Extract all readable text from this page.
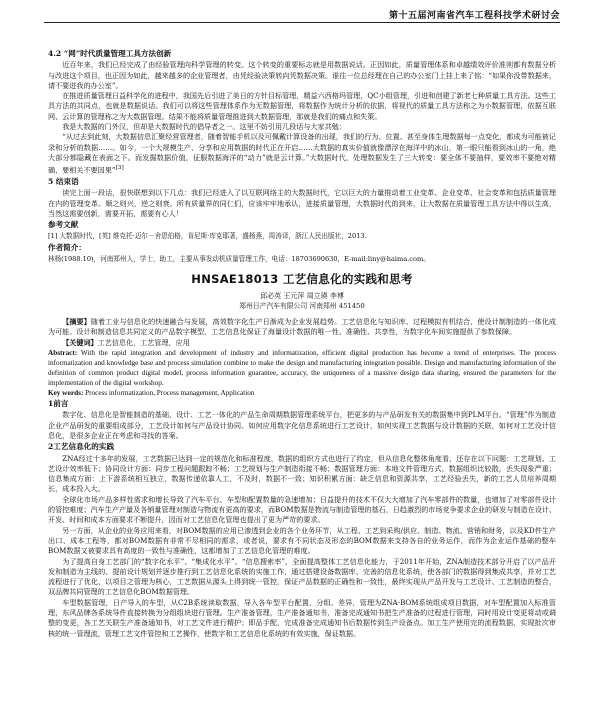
第十五届河南省汽车工程科技学术研讨会
4.2 “网”时代质量管理工具方法创新

近百年来，我们已经完成了由经验管理向科学管理的转变。这个转变的重要标志就是用数据说话。正因如此，质量管理体系和卓越绩效评价准则都有数据分析与改进这个项目，也正因为如此，越来越多的企业管理者，由凭经验决策转向凭数据决策。谁往一位总经理在自己的办公室门上挂上来了铭：“如果你没带数据来，请不要进我的办公室”。

在推进质量管理日益科学化的进程中，我国先后引进了美日的方针目标管理，精益六西格玛管理，QC小组管理，引进和创建了新老七种质量工具方法。这些工具方法的共同点，也就是数据说话。我们可以将这些管理体系作为无数据管理，将数据作为统计分析的依据，将视代的质量工具方法称之为小数据管理，依据互联网、云计算的管理称之为大数据管理。结果不能将质量管理推进到大数据管理，那就是我们的痛点和失策。

我是大数据的门外汉，但却是大数据时代的倡导者之一。这里不妨引用几段话与大家共勉：

“从过去到此刻，大数据信息汇聚经营管理者，随着智能手机以及可佩戴计算设备的出现，我们的行为、位置、甚至身体生理数据每一点变化，都成为可能被记录和分析的数据……。如今，一个大规模生产、分享和应用数据的时代正在开启……大数据的真实价值就像漂浮在海洋中的冰山，第一眼只能看到冰山的一角，绝大部分都隐藏在表面之下。而发掘数据价值，征服数据海洋的“动力”就是云计算。”大数据时代，处理数据发生了三大转变：要全体不要抽样，要效率不要绝对精确，要相关不要因果”[3]

5 结束语

读完上面一段话，很快联想到以下几点：我们已经进入了以互联网络主的大数据时代，它以巨大的力量推动着工业变革、企业变革、社会变革和包括质量管理在内的管理变革。顺之则兴，逆之则衰。所有质量界的同仁们，应该牢牢地承认，进接质量管理，大数据时代的到来，让大数据在质量管理工具方法中得以生高，当然这需要创新，需要开拓，需要有心人！

参考文献

[1] 大数据时代，[英] 维克托·迈尔－舍恩伯格，肯尼斯·库克耶著，盛杨燕，周涛译，浙江人民出版社，2013.

作者简介：

林杨(1988.10)，河南郑州人，学士，助工，主要从事发动机质量管理工作，电话：18703690630，E-mail:liny@haima.com。

HNSAE18013 工艺信息化的实践和思考
邱必英 王元萍 周立瑛 李博
郑州日产汽车有限公司 河南郑州 451450

【摘要】随着工业与信息化的快速融合与发展，高效数字化生产日渐成为企业发展趋势。工艺信息化与知识库、过程模拟有机结合，使设计制制造的一体化成为可能。设计和制造信息共同定义的产品数字模型，工艺信息化保证了海量设计数据的唯一性、准确性、共享性，为数字化车间实施提供了参数保障。

【关键词】工艺信息化，工艺管理，应用

Abstract: With the rapid integration and development of industry and informatization, efficient digital production has become a trend of enterprises. The process informatization and knowledge base and process simulation combine to make the design and manufacturing integration possible. Design and manufacturing information of the definition of common product digital model, process information guarantee, accuracy, the uniqueness of a massive design data sharing, ensured the parameters for the implementation of the digital workshop.

Key words: Process informatization, Process management, Application

1前言

数字化、信息化是智能制造的基础，设计、工艺一体化的产品生命周期数据管理系统平台，把更多的与产品研发有关的数据集中到PLM平台。“管理”作为制造企业产品研发的重要组成部分，工艺设计如何与产品设计协同、如何应用数字化信息系统进行工艺设计，如何实现工艺数据与设计数据的关联，如何对工艺设计信息化，是很多企业正在考虑和寻找的答案。

2工艺信息化的实践

ZNA经过十多年的发展，工艺数据已达到一定的规范化和标准程度，数据的组织方式也进行了约定，但从信息化整体角度看，还存在以下问题：工艺规划、工艺设计效率低下；协同设计方面：同步工程问题跟踪不畅；工艺规划与生产制造衔接不畅；数据管理方面：本地文件管理方式，数据组织比较散，丢失现象严重；信息集成方面：上下游系统相互独立，数据传递依靠人工，不及时，数据不一致；知识积累方面：缺乏信息和资源共享，工艺经验丢失，新的工艺人员培养周期长，成本投入大。

全球化市场产品多样性需求和增长导致了汽车平台、车型和配置数量的急速增加；日益提升的技术不仅大大增加了汽车零部件的数量，也增加了对零部件设计的管控难度；汽车生产产量及各销量管理对制造与物流有更高的要求，而BOM数据是物流与制造管理的基石，日趋激烈的市场竞争要求企业的研发与制造在设计、开发、时间和成本方面要求不断提升，因而对工艺信息化管理也提出了更为严苛的要求。

另一方面，从企业的业务应用来看，对BOM数据的应用已渗透到企业的各个业务环节，从工程、工艺到采购/供应、制造、物流、营销和财务，以及KD件生产出口、成本工程等，都对BOM数据有非常不尽相同的需求，或者说，要求有不同状态及形态的BOM数据来支持各自的业务运作，而作为企业运作基础的整车BOM数据又被要求具有高度的一致性与准确性，这都增加了工艺信息化管理的难度。

为了提高自身工艺部门的“数字化水平”、“集成化水平”、“信息搜索率”，全面提高整体工艺信息化能力，于2011年开始，ZNA制造技术部分开启了以产品开发和制造为主线的、提前设计规划并逐步推行到工艺信息化系统的实施工作，通过搭建设备数据库、完善的信息化系统，使各部门的数据得到集成共享，并对工艺流程进行了优化，以项目之管理为核心，工艺数据从源头上得到统一管控，保证产品数据的正确性和一致性，最终实现从产品开发与工艺设计、工艺制造的整合，双品牌共同管理的工艺信息化BOM数据管理。

车型数据管理，日产导入的车型，从C2B系统读取数据，导入各车型平台配置，分组、差异，管理为ZNA-BOM系统组成项目数据，对车型配置加入标准管理，东风品牌各系统导件直接转换为分组组块进行管理。生产准备管理，生产准备通知书，准备完成通知书把生产准备的过程进行管理，同时用设计变更将动或调整的变更，各工艺关联生产准备通知书，对工艺文件进行精护；即品手配，完成准备完成通知书后数据传到生产设备点。加工生产使用完的流程数据，实现批次审核的统一管理流，管理工艺文件管控和工艺操作，使数字和工艺信息化系统的有效实施，保证数据。
